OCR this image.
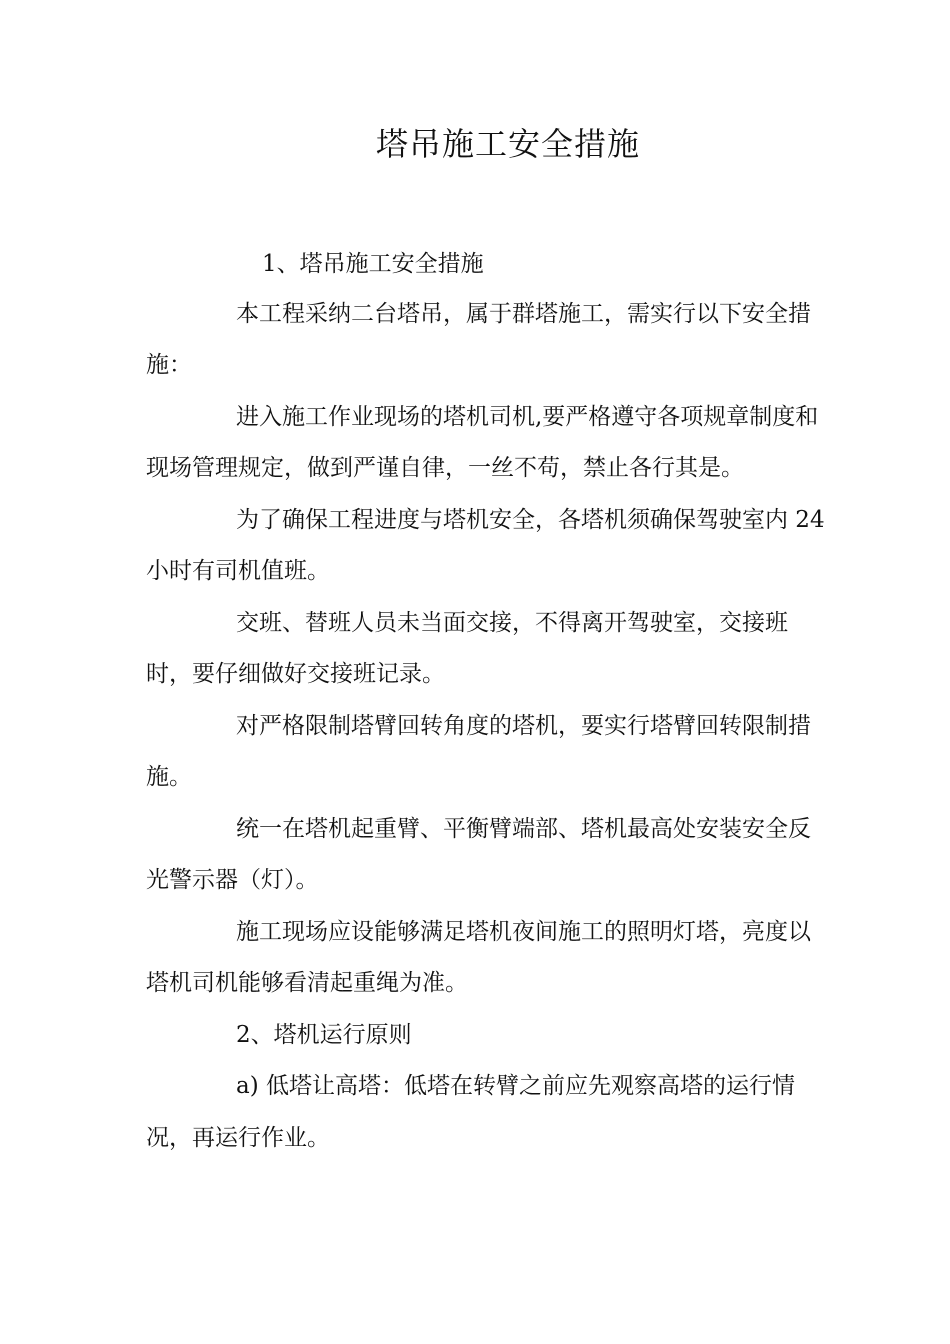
塔吊施工安全措施

1、塔吊施工安全措施

本工程采纳二台塔吊，属于群塔施工，需实行以下安全措

施：

进入施工作业现场的塔机司机,要严格遵守各项规章制度和

现场管理规定，做到严谨自律，一丝不苟，禁止各行其是。

为了确保工程进度与塔机安全，各塔机须确保驾驶室内 24

小时有司机值班。

交班、替班人员未当面交接，不得离开驾驶室，交接班

时，要仔细做好交接班记录。

对严格限制塔臂回转角度的塔机，要实行塔臂回转限制措

施。

统一在塔机起重臂、平衡臂端部、塔机最高处安装安全反

光警示器（灯）。

施工现场应设能够满足塔机夜间施工的照明灯塔，亮度以

塔机司机能够看清起重绳为准。

2、塔机运行原则

a) 低塔让高塔：低塔在转臂之前应先观察高塔的运行情

况，再运行作业。
